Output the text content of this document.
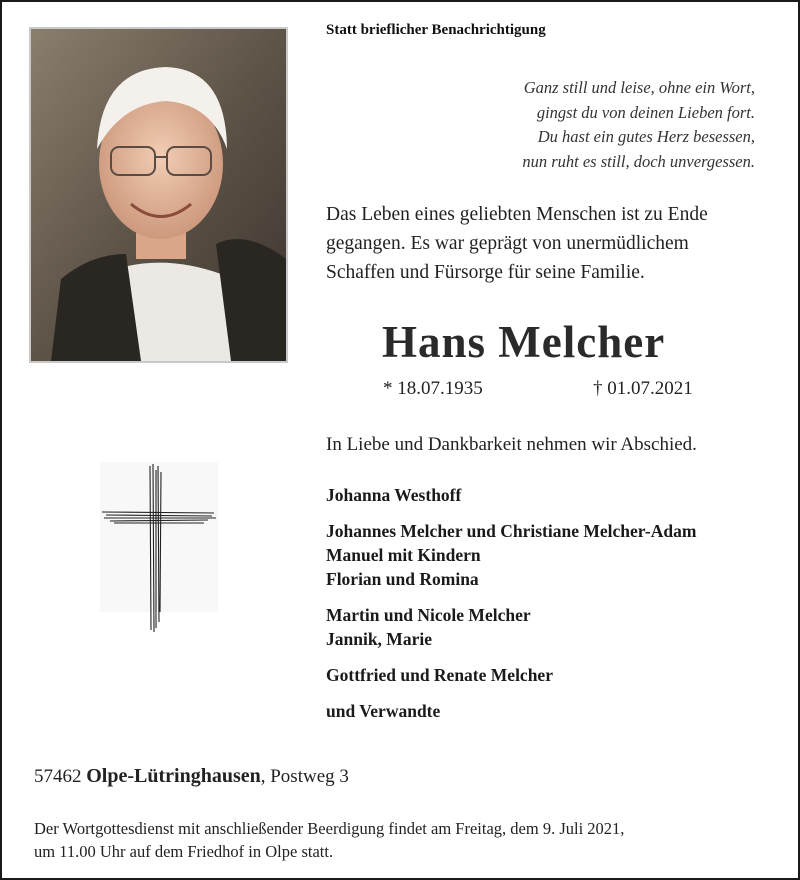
Statt brieflicher Benachrichtigung
Ganz still und leise, ohne ein Wort,
gingst du von deinen Lieben fort.
Du hast ein gutes Herz besessen,
nun ruht es still, doch unvergessen.
Das Leben eines geliebten Menschen ist zu Ende
gegangen. Es war geprägt von unermüdlichem
Schaffen und Fürsorge für seine Familie.
Hans Melcher
* 18.07.1935	† 01.07.2021
In Liebe und Dankbarkeit nehmen wir Abschied.
Johanna Westhoff
Johannes Melcher und Christiane Melcher-Adam
Manuel mit Kindern
Florian und Romina
Martin und Nicole Melcher
Jannik, Marie
Gottfried und Renate Melcher
und Verwandte
57462 Olpe-Lütringhausen, Postweg 3
Der Wortgottesdienst mit anschließender Beerdigung findet am Freitag, dem 9. Juli 2021,
um 11.00 Uhr auf dem Friedhof in Olpe statt.
